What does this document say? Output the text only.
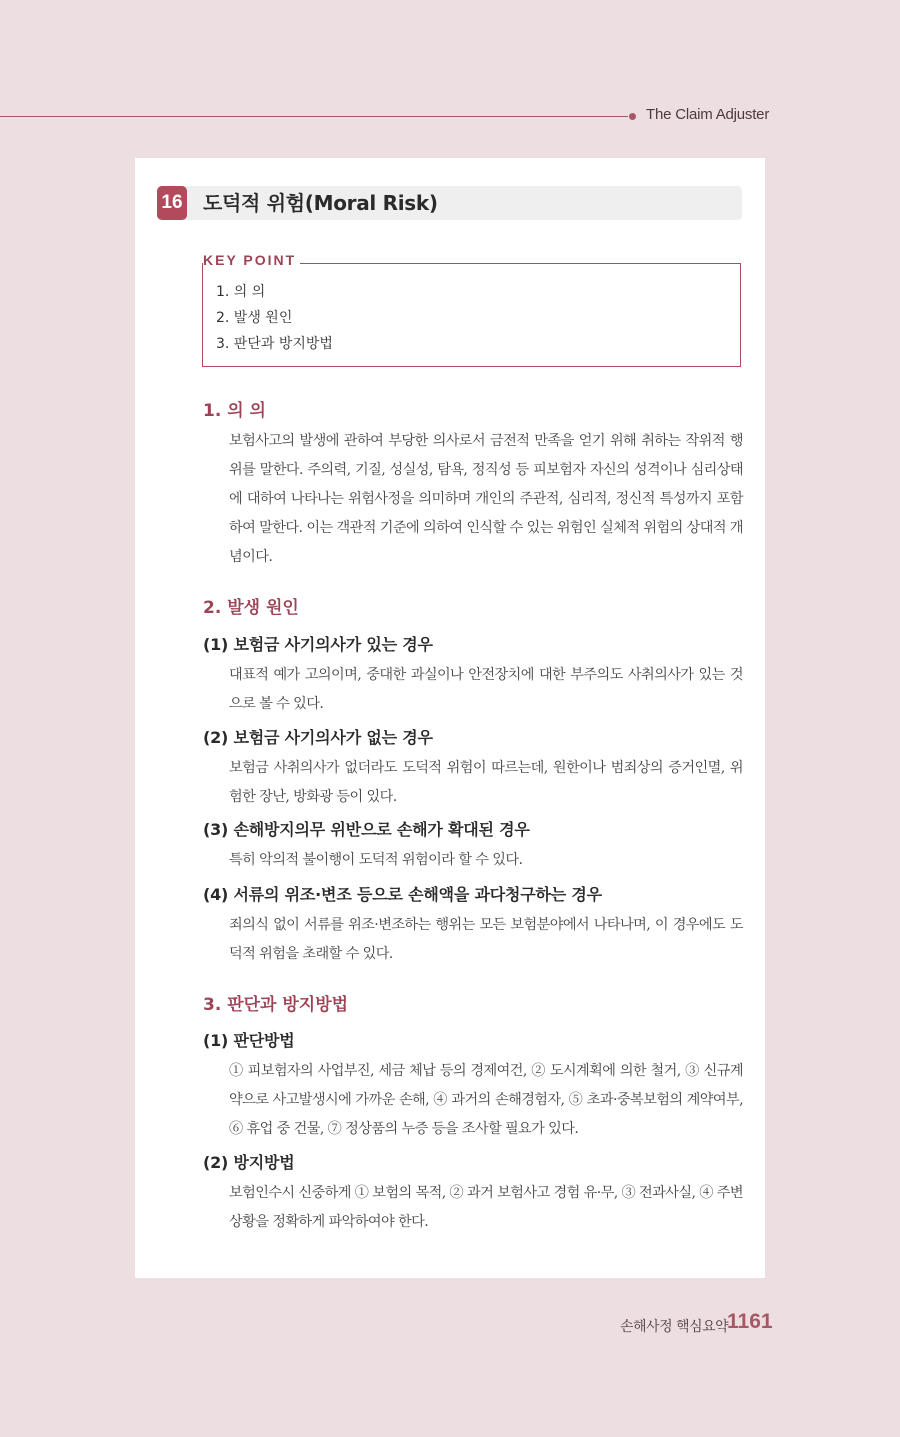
The Claim Adjuster
16 도덕적 위험(Moral Risk)
KEY POINT
1. 의 의
2. 발생 원인
3. 판단과 방지방법
1. 의 의
보험사고의 발생에 관하여 부당한 의사로서 금전적 만족을 얻기 위해 취하는 작위적 행위를 말한다. 주의력, 기질, 성실성, 탐욕, 정직성 등 피보험자 자신의 성격이나 심리상태에 대하여 나타나는 위험사정을 의미하며 개인의 주관적, 심리적, 정신적 특성까지 포함하여 말한다. 이는 객관적 기준에 의하여 인식할 수 있는 위험인 실체적 위험의 상대적 개념이다.
2. 발생 원인
(1) 보험금 사기의사가 있는 경우
대표적 예가 고의이며, 중대한 과실이나 안전장치에 대한 부주의도 사취의사가 있는 것으로 볼 수 있다.
(2) 보험금 사기의사가 없는 경우
보험금 사취의사가 없더라도 도덕적 위험이 따르는데, 원한이나 범죄상의 증거인멸, 위험한 장난, 방화광 등이 있다.
(3) 손해방지의무 위반으로 손해가 확대된 경우
특히 악의적 불이행이 도덕적 위험이라 할 수 있다.
(4) 서류의 위조·변조 등으로 손해액을 과다청구하는 경우
죄의식 없이 서류를 위조·변조하는 행위는 모든 보험분야에서 나타나며, 이 경우에도 도덕적 위험을 초래할 수 있다.
3. 판단과 방지방법
(1) 판단방법
① 피보험자의 사업부진, 세금 체납 등의 경제여건, ② 도시계획에 의한 철거, ③ 신규계약으로 사고발생시에 가까운 손해, ④ 과거의 손해경험자, ⑤ 초과·중복보험의 계약여부, ⑥ 휴업 중 건물, ⑦ 정상품의 누증 등을 조사할 필요가 있다.
(2) 방지방법
보험인수시 신중하게 ① 보험의 목적, ② 과거 보험사고 경험 유·무, ③ 전과사실, ④ 주변상황을 정확하게 파악하여야 한다.
손해사정 핵심요약
1161
